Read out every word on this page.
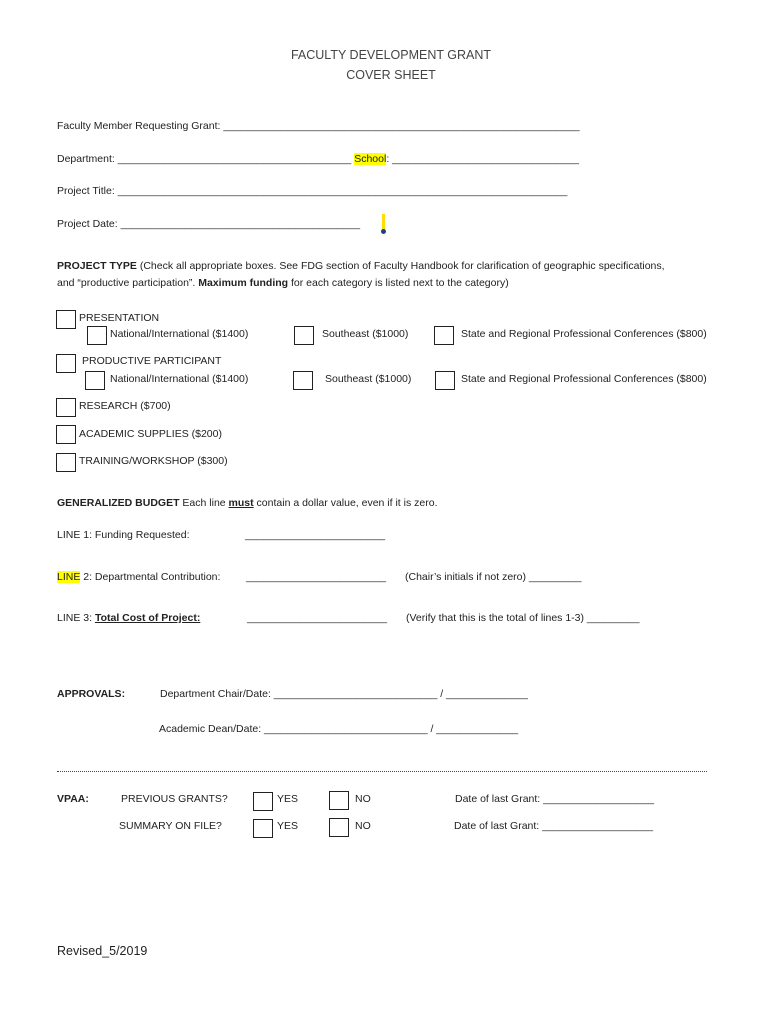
FACULTY DEVELOPMENT GRANT
COVER SHEET
Faculty Member Requesting Grant: _____________________________________________________________
Department: ________________________________________ School: ________________________________
Project Title: _____________________________________________________________________________
Project Date: _________________________________________
PROJECT TYPE (Check all appropriate boxes. See FDG section of Faculty Handbook for clarification of geographic specifications,
and “productive participation”. Maximum funding for each category is listed next to the category)
PRESENTATION
National/International ($1400)	Southeast ($1000)	State and Regional Professional Conferences ($800)
PRODUCTIVE PARTICIPANT
National/International ($1400)	Southeast ($1000)	State and Regional Professional Conferences ($800)
RESEARCH ($700)
ACADEMIC SUPPLIES ($200)
TRAINING/WORKSHOP ($300)
GENERALIZED BUDGET Each line must contain a dollar value, even if it is zero.
LINE 1: Funding Requested:	________________________
LINE 2: Departmental Contribution: ________________________ (Chair’s initials if not zero) _________
LINE 3: Total Cost of Project:	________________________ (Verify that this is the total of lines 1-3) _________
APPROVALS:	Department Chair/Date: ____________________________ / ______________
Academic Dean/Date: ____________________________ / ______________
VPAA:	PREVIOUS GRANTS?	YES	NO	Date of last Grant: ___________________
SUMMARY ON FILE?	YES	NO	Date of last Grant: ___________________
Revised_5/2019
